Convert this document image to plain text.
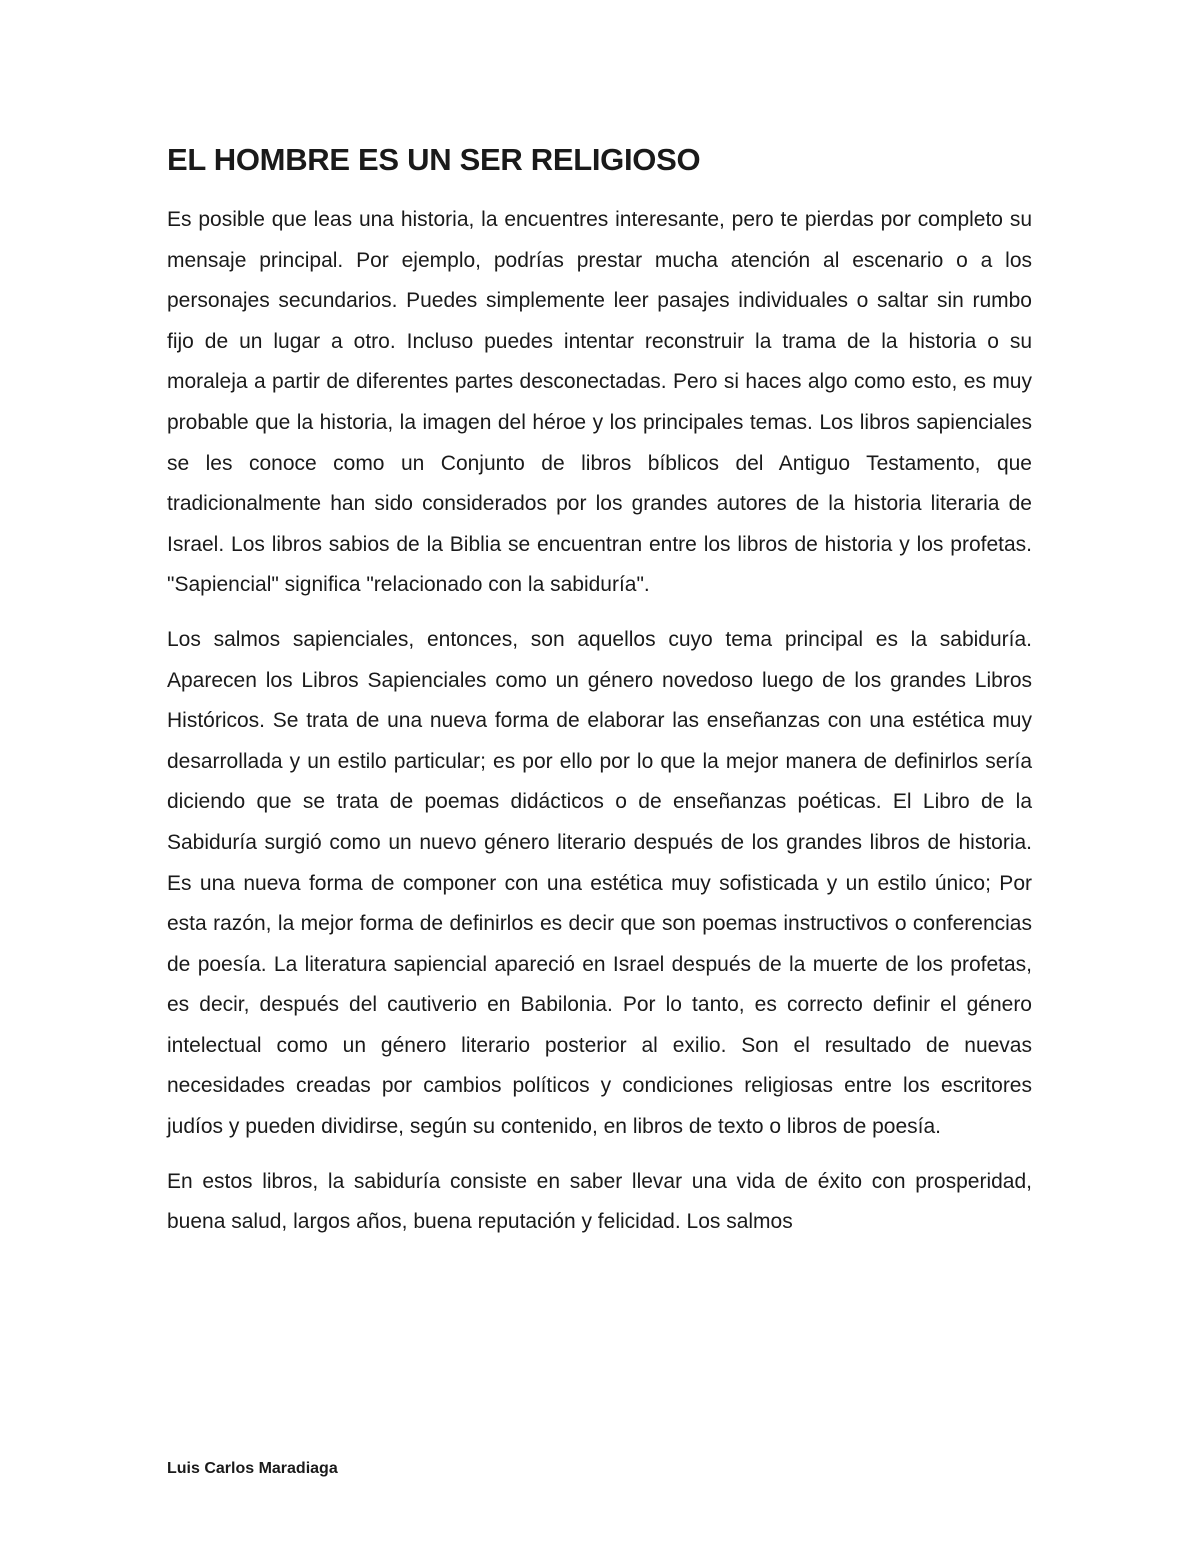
EL HOMBRE ES UN SER RELIGIOSO

Es posible que leas una historia, la encuentres interesante, pero te pierdas por completo su mensaje principal. Por ejemplo, podrías prestar mucha atención al escenario o a los personajes secundarios. Puedes simplemente leer pasajes individuales o saltar sin rumbo fijo de un lugar a otro. Incluso puedes intentar reconstruir la trama de la historia o su moraleja a partir de diferentes partes desconectadas. Pero si haces algo como esto, es muy probable que la historia, la imagen del héroe y los principales temas. Los libros sapienciales se les conoce como un Conjunto de libros bíblicos del Antiguo Testamento, que tradicionalmente han sido considerados por los grandes autores de la historia literaria de Israel. Los libros sabios de la Biblia se encuentran entre los libros de historia y los profetas. "Sapiencial" significa "relacionado con la sabiduría".

Los salmos sapienciales, entonces, son aquellos cuyo tema principal es la sabiduría. Aparecen los Libros Sapienciales como un género novedoso luego de los grandes Libros Históricos. Se trata de una nueva forma de elaborar las enseñanzas con una estética muy desarrollada y un estilo particular; es por ello por lo que la mejor manera de definirlos sería diciendo que se trata de poemas didácticos o de enseñanzas poéticas. El Libro de la Sabiduría surgió como un nuevo género literario después de los grandes libros de historia. Es una nueva forma de componer con una estética muy sofisticada y un estilo único; Por esta razón, la mejor forma de definirlos es decir que son poemas instructivos o conferencias de poesía. La literatura sapiencial apareció en Israel después de la muerte de los profetas, es decir, después del cautiverio en Babilonia. Por lo tanto, es correcto definir el género intelectual como un género literario posterior al exilio. Son el resultado de nuevas necesidades creadas por cambios políticos y condiciones religiosas entre los escritores judíos y pueden dividirse, según su contenido, en libros de texto o libros de poesía.

En estos libros, la sabiduría consiste en saber llevar una vida de éxito con prosperidad, buena salud, largos años, buena reputación y felicidad. Los salmos

Luis Carlos Maradiaga
